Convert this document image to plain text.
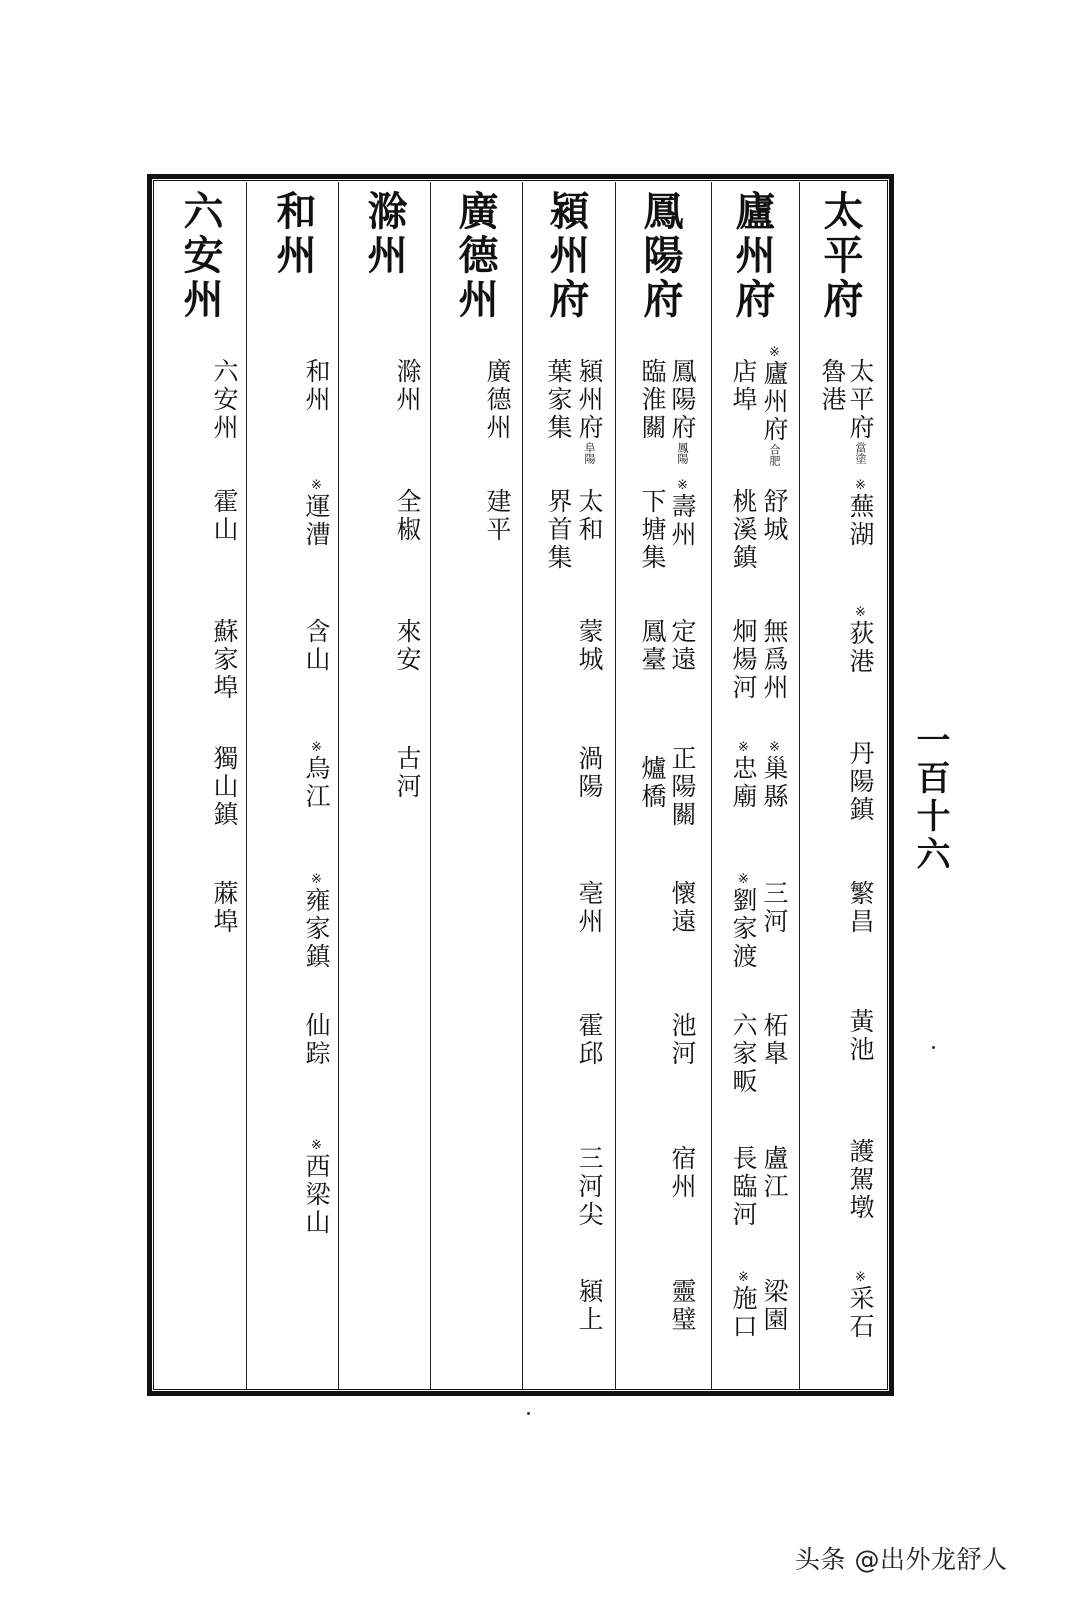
太平府
太平府當塗
魯港
※蕪湖
※荻港
丹陽鎮
繁昌
黃池
護駕墩
※采石
廬州府
※廬州府合肥
店埠
舒城
桃溪鎮
無爲州
炯煬河
※巢縣
※忠廟
三河
※劉家渡
柘臯
六家畈
盧江
長臨河
梁園
※施口
鳳陽府
鳳陽府鳳陽
臨淮關
※壽州
下塘集
定遠
鳳臺
正陽關
爐橋
懷遠
池河
宿州
靈璧
潁州府
潁州府阜陽
葉家集
太和
界首集
蒙城
渦陽
亳州
霍邱
三河尖
潁上
廣德州
廣德州
建平
滁州
滁州
全椒
來安
古河
和州
和州
※運漕
含山
※烏江
※雍家鎮
仙踪
※西梁山
六安州
六安州
霍山
蘇家埠
獨山鎮
蔴埠
一百十六
头条 @出外龙舒人
